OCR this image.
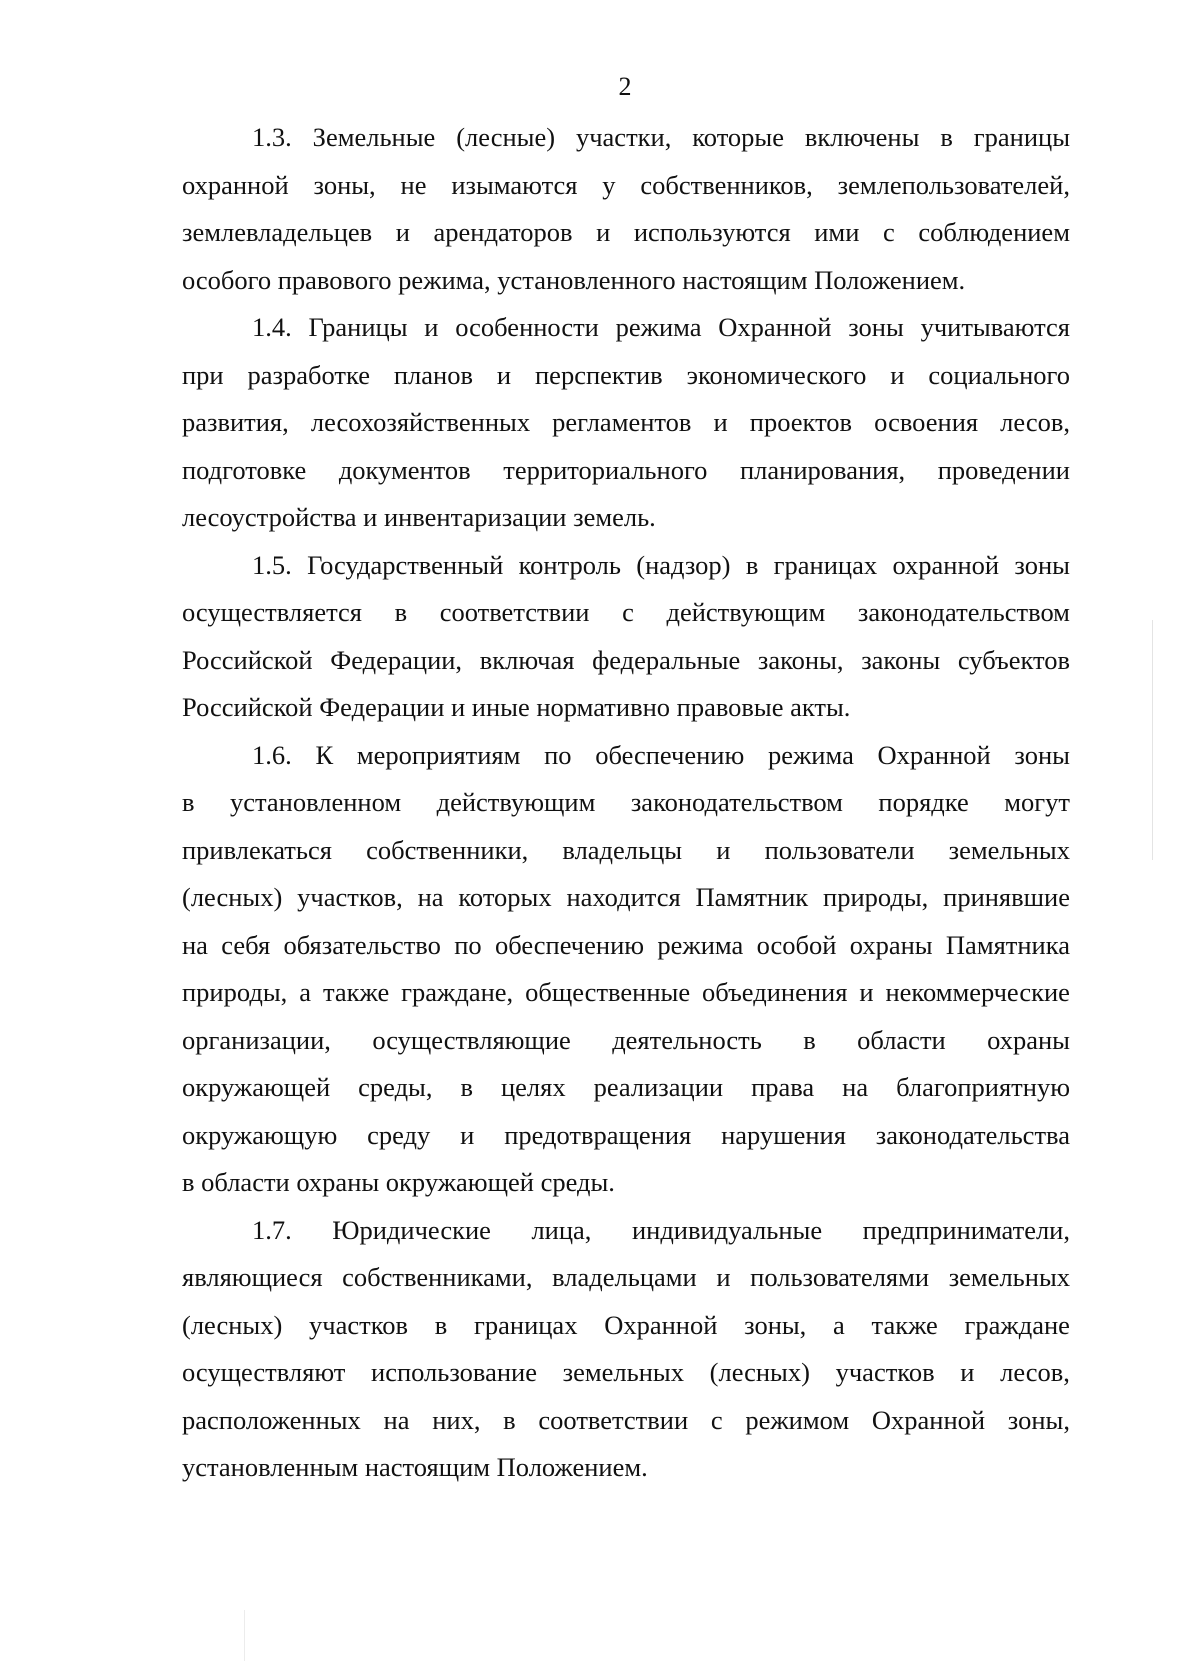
2
1.3. Земельные (лесные) участки, которые включены в границы
охранной зоны, не изымаются у собственников, землепользователей,
землевладельцев и арендаторов и используются ими с соблюдением
особого правового режима, установленного настоящим Положением.
1.4. Границы и особенности режима Охранной зоны учитываются
при разработке планов и перспектив экономического и социального
развития, лесохозяйственных регламентов и проектов освоения лесов,
подготовке документов территориального планирования, проведении
лесоустройства и инвентаризации земель.
1.5. Государственный контроль (надзор) в границах охранной зоны
осуществляется в соответствии с действующим законодательством
Российской Федерации, включая федеральные законы, законы субъектов
Российской Федерации и иные нормативно правовые акты.
1.6. К мероприятиям по обеспечению режима Охранной зоны
в установленном действующим законодательством порядке могут
привлекаться собственники, владельцы и пользователи земельных
(лесных) участков, на которых находится Памятник природы, принявшие
на себя обязательство по обеспечению режима особой охраны Памятника
природы, а также граждане, общественные объединения и некоммерческие
организации, осуществляющие деятельность в области охраны
окружающей среды, в целях реализации права на благоприятную
окружающую среду и предотвращения нарушения законодательства
в области охраны окружающей среды.
1.7. Юридические лица, индивидуальные предприниматели,
являющиеся собственниками, владельцами и пользователями земельных
(лесных) участков в границах Охранной зоны, а также граждане
осуществляют использование земельных (лесных) участков и лесов,
расположенных на них, в соответствии с режимом Охранной зоны,
установленным настоящим Положением.
